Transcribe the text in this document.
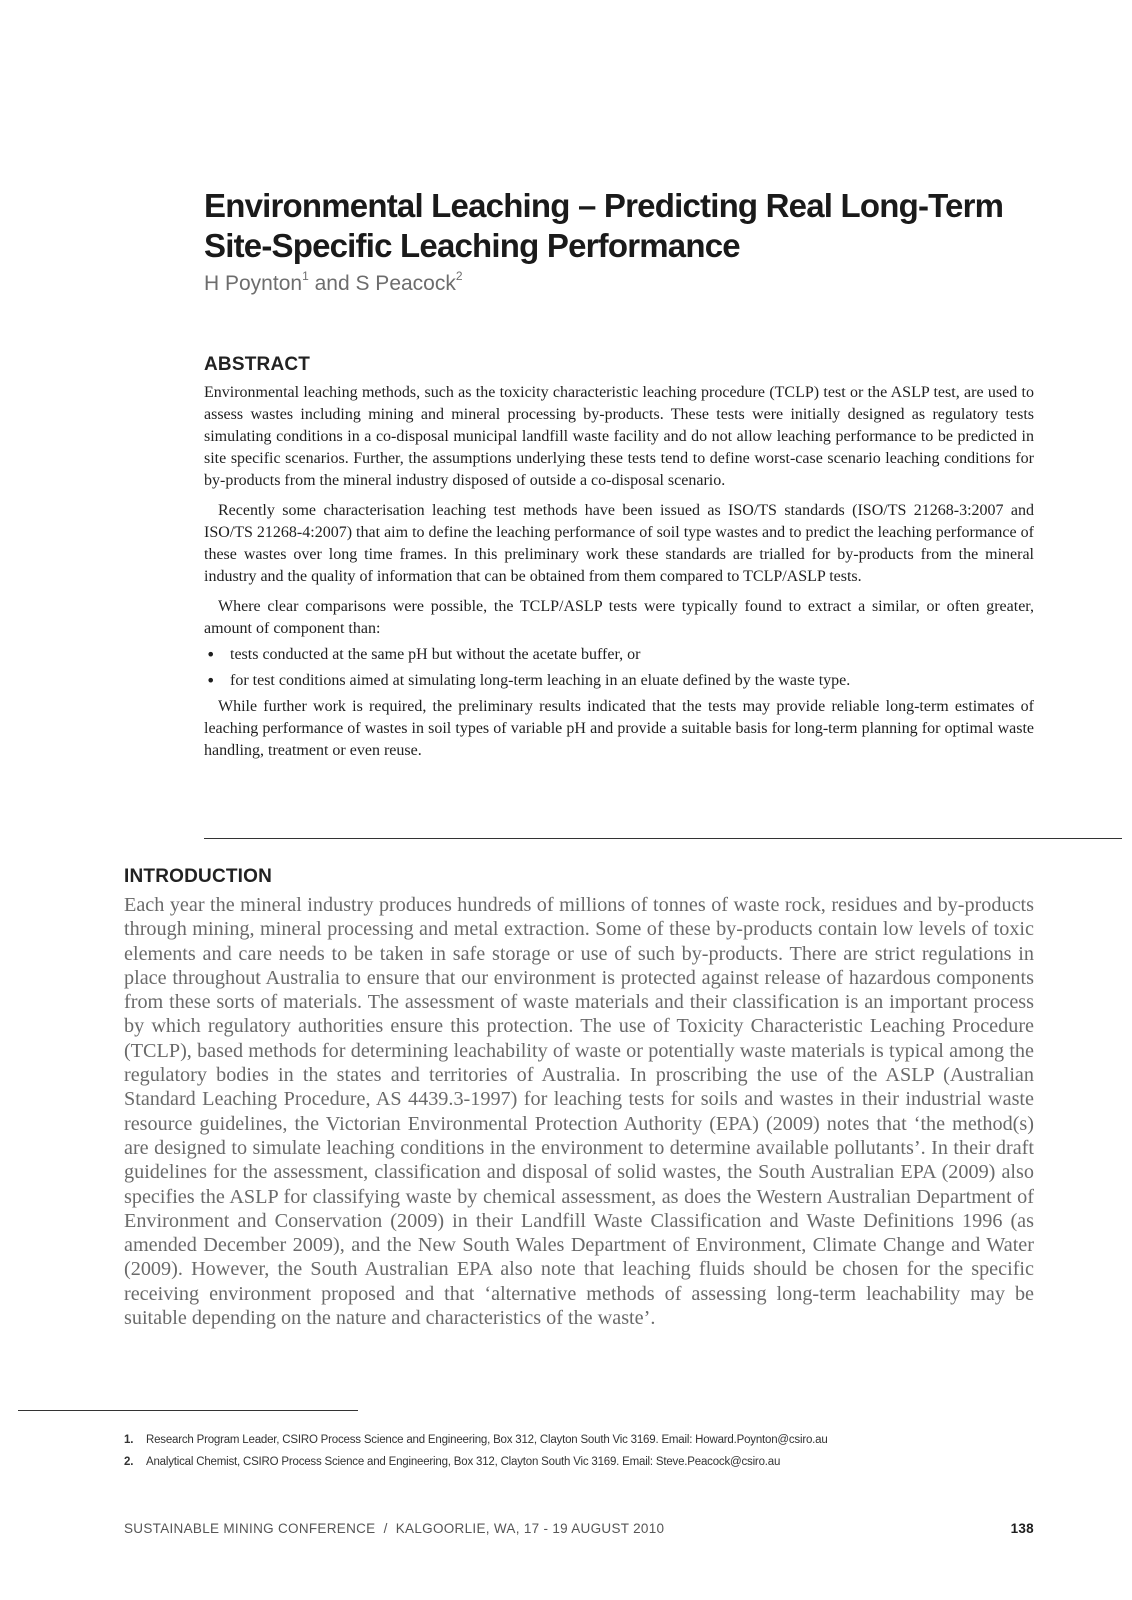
Environmental Leaching – Predicting Real Long-Term
Site-Specific Leaching Performance
H Poynton$^1$ and S Peacock$^2$
ABSTRACT

Environmental leaching methods, such as the toxicity characteristic leaching procedure (TCLP) test or the ASLP test, are used to assess wastes including mining and mineral processing by-products. These tests were initially designed as regulatory tests simulating conditions in a co-disposal municipal landfill waste facility and do not allow leaching performance to be predicted in site specific scenarios. Further, the assumptions underlying these tests tend to define worst-case scenario leaching conditions for by-products from the mineral industry disposed of outside a co-disposal scenario.

Recently some characterisation leaching test methods have been issued as ISO/TS standards (ISO/TS 21268-3:2007 and ISO/TS 21268-4:2007) that aim to define the leaching performance of soil type wastes and to predict the leaching performance of these wastes over long time frames. In this preliminary work these standards are trialled for by-products from the mineral industry and the quality of information that can be obtained from them compared to TCLP/ASLP tests.

Where clear comparisons were possible, the TCLP/ASLP tests were typically found to extract a similar, or often greater, amount of component than:

• tests conducted at the same pH but without the acetate buffer, or
• for test conditions aimed at simulating long-term leaching in an eluate defined by the waste type.

While further work is required, the preliminary results indicated that the tests may provide reliable long-term estimates of leaching performance of wastes in soil types of variable pH and provide a suitable basis for long-term planning for optimal waste handling, treatment or even reuse.

INTRODUCTION

Each year the mineral industry produces hundreds of millions of tonnes of waste rock, residues and by-products through mining, mineral processing and metal extraction. Some of these by-products contain low levels of toxic elements and care needs to be taken in safe storage or use of such by-products. There are strict regulations in place throughout Australia to ensure that our environment is protected against release of hazardous components from these sorts of materials. The assessment of waste materials and their classification is an important process by which regulatory authorities ensure this protection. The use of Toxicity Characteristic Leaching Procedure (TCLP), based methods for determining leachability of waste or potentially waste materials is typical among the regulatory bodies in the states and territories of Australia. In proscribing the use of the ASLP (Australian Standard Leaching Procedure, AS 4439.3-1997) for leaching tests for soils and wastes in their industrial waste resource guidelines, the Victorian Environmental Protection Authority (EPA) (2009) notes that ‘the method(s) are designed to simulate leaching conditions in the environment to determine available pollutants’. In their draft guidelines for the assessment, classification and disposal of solid wastes, the South Australian EPA (2009) also specifies the ASLP for classifying waste by chemical assessment, as does the Western Australian Department of Environment and Conservation (2009) in their Landfill Waste Classification and Waste Definitions 1996 (as amended December 2009), and the New South Wales Department of Environment, Climate Change and Water (2009). However, the South Australian EPA also note that leaching fluids should be chosen for the specific receiving environment proposed and that ‘alternative methods of assessing long-term leachability may be suitable depending on the nature and characteristics of the waste’.

1. Research Program Leader, CSIRO Process Science and Engineering, Box 312, Clayton South Vic 3169. Email: Howard.Poynton@csiro.au

2. Analytical Chemist, CSIRO Process Science and Engineering, Box 312, Clayton South Vic 3169. Email: Steve.Peacock@csiro.au

SUSTAINABLE MINING CONFERENCE  /  KALGOORLIE, WA, 17 - 19 AUGUST 2010	138
